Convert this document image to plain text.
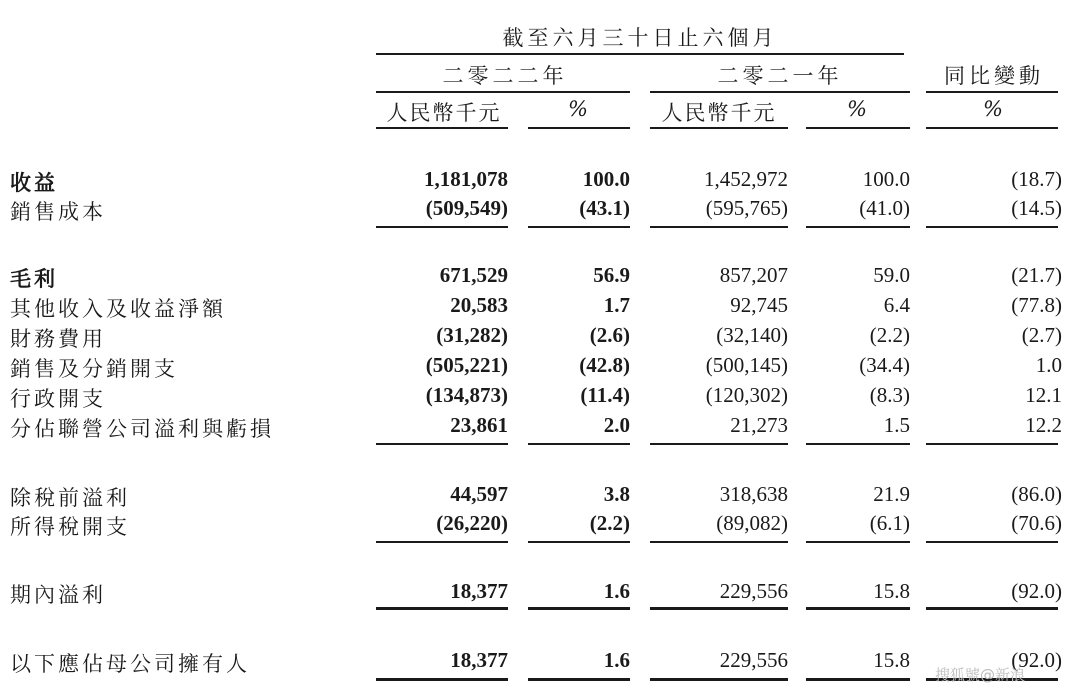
截至六月三十日止六個月
二零二二年	二零二一年	同比變動
人民幣千元	%	人民幣千元	%	%
收益	1,181,078	100.0	1,452,972	100.0	(18.7)
銷售成本	(509,549)	(43.1)	(595,765)	(41.0)	(14.5)
毛利	671,529	56.9	857,207	59.0	(21.7)
其他收入及收益淨額	20,583	1.7	92,745	6.4	(77.8)
財務費用	(31,282)	(2.6)	(32,140)	(2.2)	(2.7)
銷售及分銷開支	(505,221)	(42.8)	(500,145)	(34.4)	1.0
行政開支	(134,873)	(11.4)	(120,302)	(8.3)	12.1
分佔聯營公司溢利與虧損	23,861	2.0	21,273	1.5	12.2
除稅前溢利	44,597	3.8	318,638	21.9	(86.0)
所得稅開支	(26,220)	(2.2)	(89,082)	(6.1)	(70.6)
期內溢利	18,377	1.6	229,556	15.8	(92.0)
以下應佔母公司擁有人	18,377	1.6	229,556	15.8	(92.0)
搜狐號@新浪
